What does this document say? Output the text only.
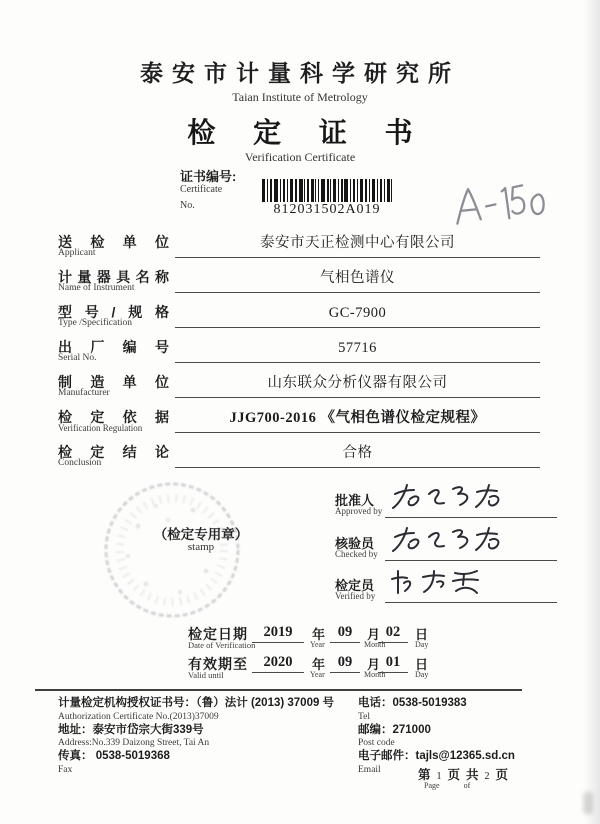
泰安市计量科学研究所
Taian Institute of Metrology
检 定 证 书
Verification Certificate
证书编号:
Certificate
No.	812031502A019
送检单位
Applicant
泰安市天正检测中心有限公司
计量器具名称
Name of Instrument
气相色谱仪
型号/规格
Type /Specification
GC-7900
出厂编号
Serial No.
57716
制造单位
Manufacturer
山东联众分析仪器有限公司
检定依据
Verification Regulation
JJG700-2016 《气相色谱仪检定规程》
检定结论
Conclusion
合格
（检定专用章）
stamp
批准人
Approved by
核验员
Checked by
检定员
Verified by
检定日期
Date of Verification
2019	年
Year
09	月
Month
02	日
Day
有效期至
Valid until
2020	年
Year
09	月
Month
01	日
Day
计量检定机构授权证书号：（鲁）法计 (2013) 37009 号
Authorization Certificate No.(2013)37009
地址：泰安市岱宗大街339号
Address:No.339 Daizong Street, Tai An
传真： 0538-5019368
Fax
电话：0538-5019383
Tel
邮编：271000
Post code
电子邮件：tajls@12365.sd.cn
Email	第 1 页 共 2 页
Page	of
